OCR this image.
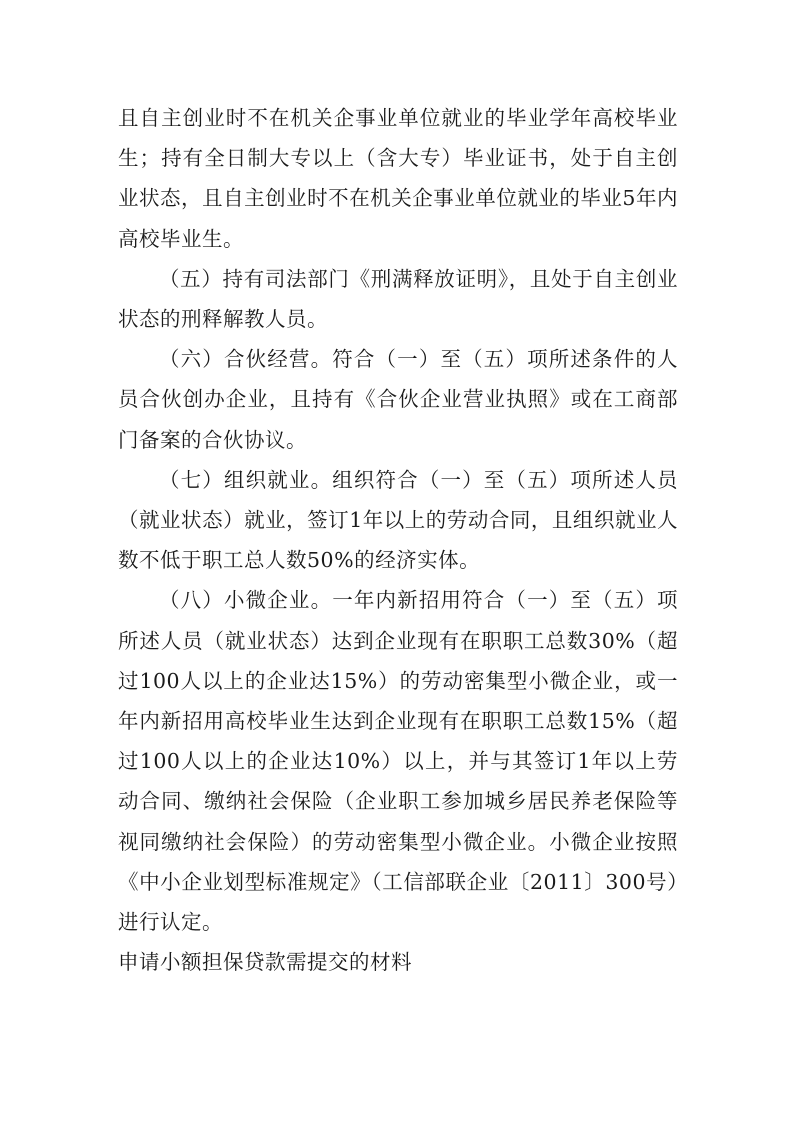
且自主创业时不在机关企事业单位就业的毕业学年高校毕业生；持有全日制大专以上（含大专）毕业证书，处于自主创业状态，且自主创业时不在机关企事业单位就业的毕业5年内高校毕业生。

（五）持有司法部门《刑满释放证明》，且处于自主创业状态的刑释解教人员。

（六）合伙经营。符合（一）至（五）项所述条件的人员合伙创办企业，且持有《合伙企业营业执照》或在工商部门备案的合伙协议。

（七）组织就业。组织符合（一）至（五）项所述人员（就业状态）就业，签订1年以上的劳动合同，且组织就业人数不低于职工总人数50%的经济实体。

（八）小微企业。一年内新招用符合（一）至（五）项所述人员（就业状态）达到企业现有在职职工总数30%（超过100人以上的企业达15%）的劳动密集型小微企业，或一年内新招用高校毕业生达到企业现有在职职工总数15%（超过100人以上的企业达10%）以上，并与其签订1年以上劳动合同、缴纳社会保险（企业职工参加城乡居民养老保险等视同缴纳社会保险）的劳动密集型小微企业。小微企业按照《中小企业划型标准规定》（工信部联企业〔2011〕300号）进行认定。

申请小额担保贷款需提交的材料
